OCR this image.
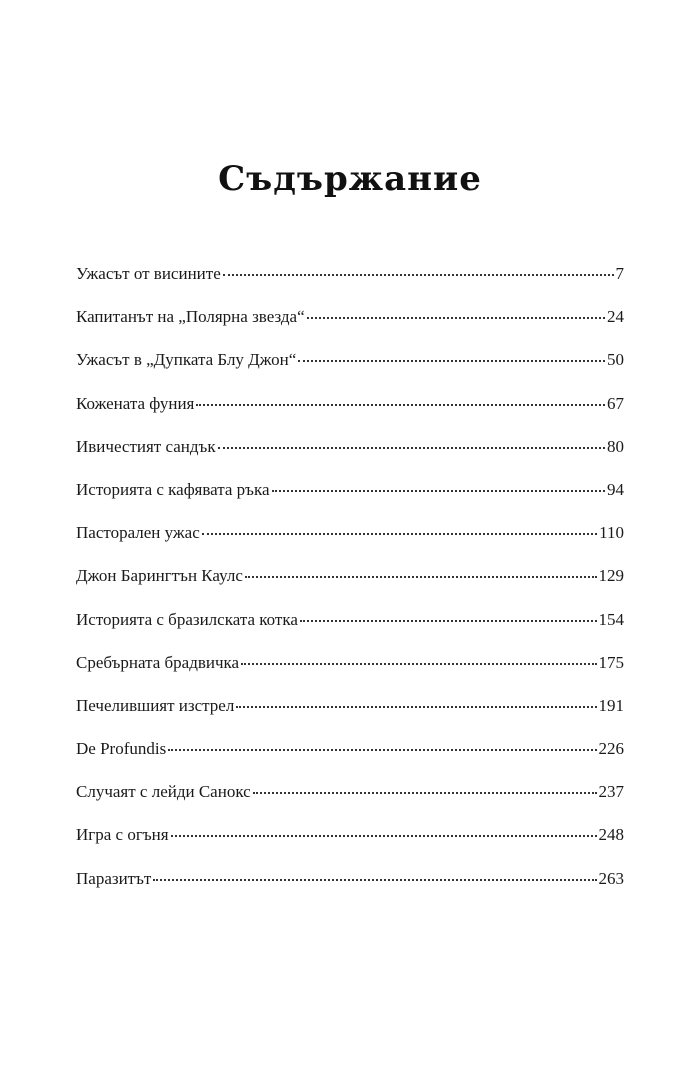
Съдържание
Ужасът от висините	7
Капитанът на „Полярна звезда“	24
Ужасът в „Дупката Блу Джон“	50
Кожената фуния	67
Ивичестият сандък	80
Историята с кафявата ръка	94
Пасторален ужас	110
Джон Барингтън Каулс	129
Историята с бразилската котка	154
Сребърната брадвичка	175
Печелившият изстрел	191
De Profundis	226
Случаят с лейди Санокс	237
Игра с огъня	248
Паразитът	263
